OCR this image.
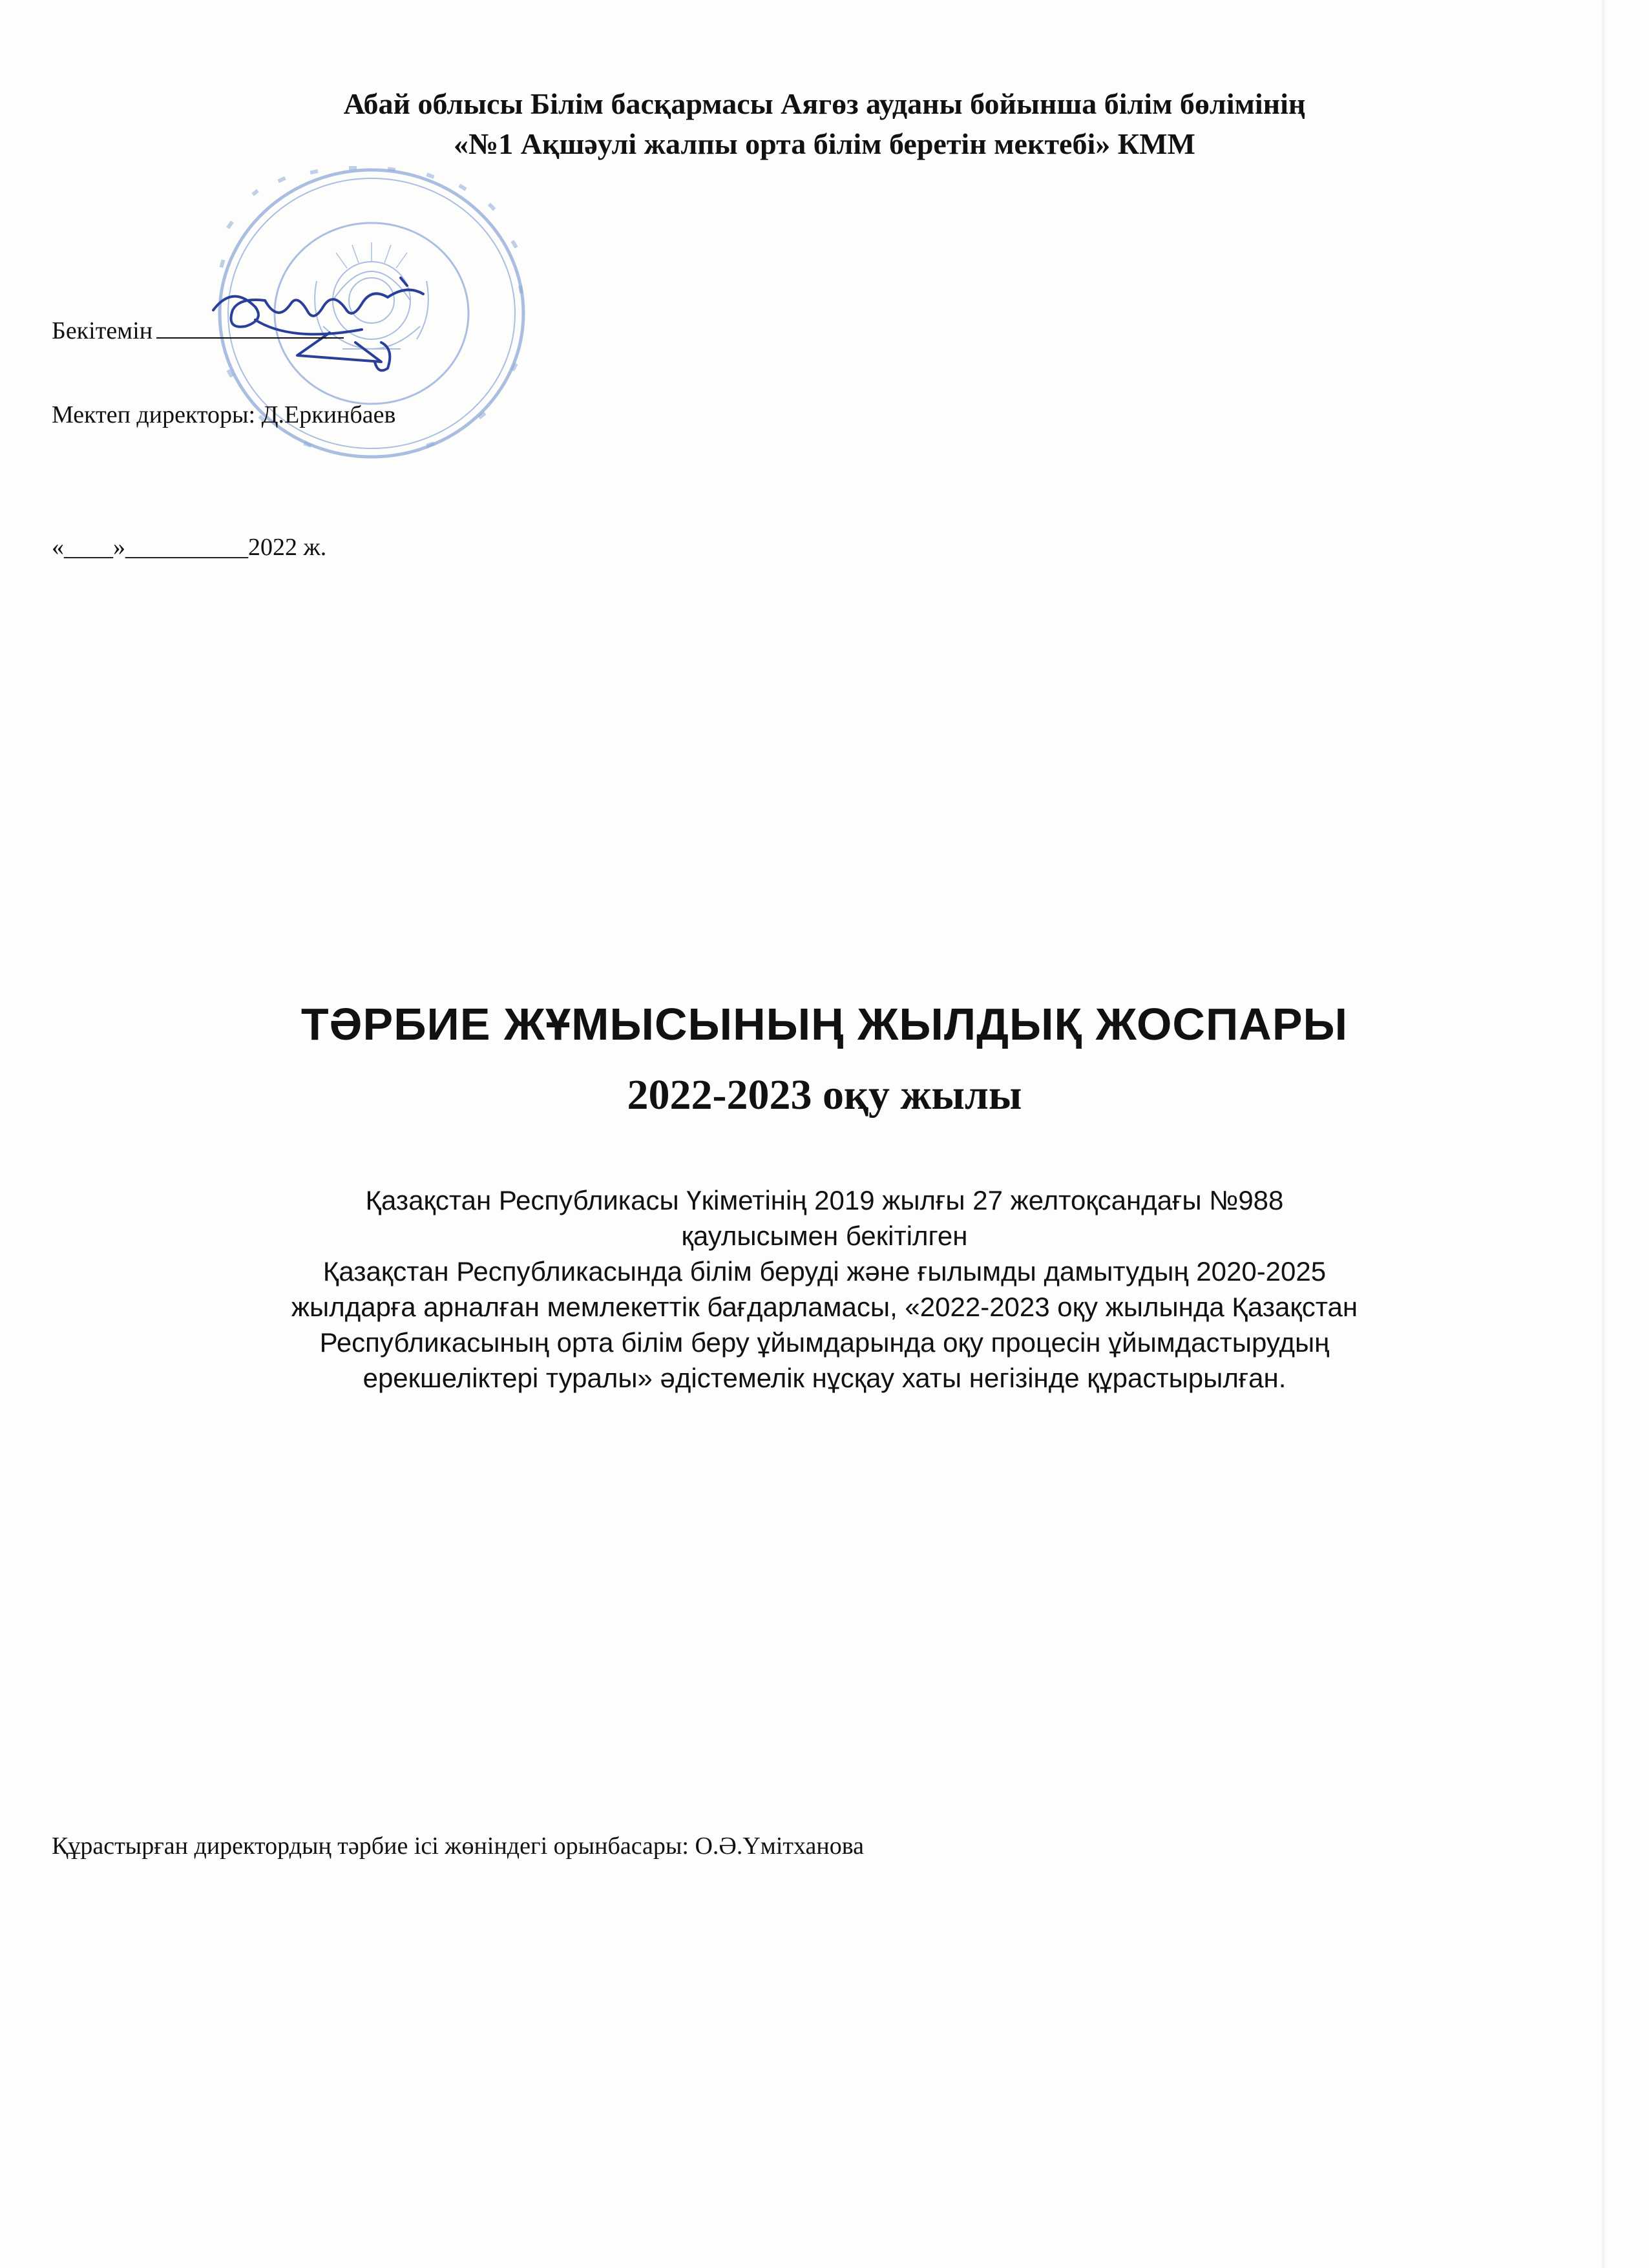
Абай облысы Білім басқармасы Аягөз ауданы бойынша білім бөлімінің
«№1 Ақшәулі жалпы орта білім беретін мектебі» КММ
Бекітемін
Мектеп директоры: Д.Еркинбаев
«____»__________2022 ж.
ТӘРБИЕ ЖҰМЫСЫНЫҢ ЖЫЛДЫҚ ЖОСПАРЫ
2022-2023 оқу жылы
Қазақстан Республикасы Үкіметінің 2019 жылғы 27 желтоқсандағы №988
қаулысымен бекітілген
Қазақстан Республикасында білім беруді және ғылымды дамытудың 2020-2025
жылдарға арналған мемлекеттік бағдарламасы, «2022-2023 оқу жылында Қазақстан
Республикасының орта білім беру ұйымдарында оқу процесін ұйымдастырудың
ерекшеліктері туралы» әдістемелік нұсқау хаты негізінде құрастырылған.
Құрастырған директордың тәрбие ісі жөніндегі орынбасары: О.Ә.Үмітханова
